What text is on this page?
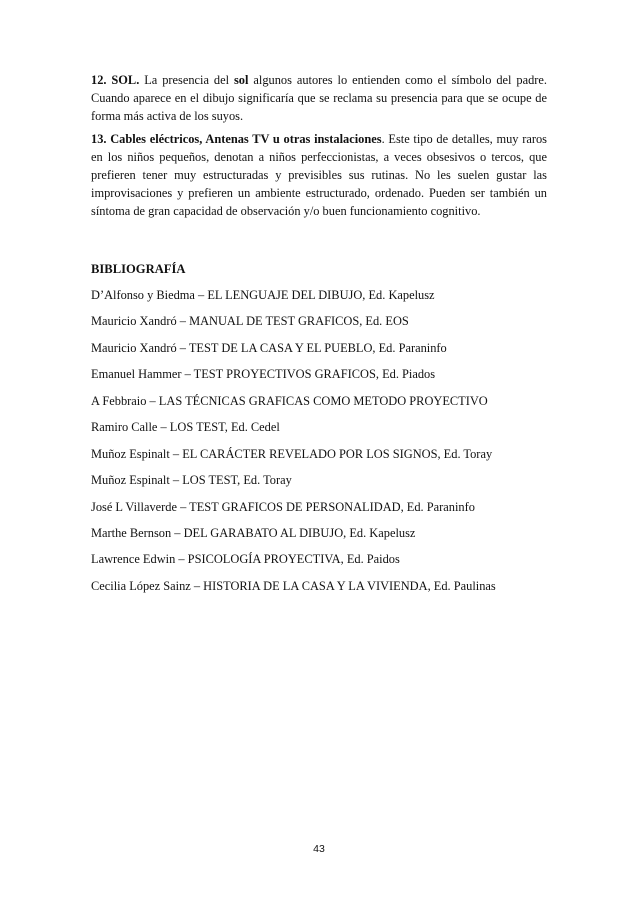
12. SOL. La presencia del sol algunos autores lo entienden como el símbolo del padre. Cuando aparece en el dibujo significaría que se reclama su presencia para que se ocupe de forma más activa de los suyos.

13. Cables eléctricos, Antenas TV u otras instalaciones. Este tipo de detalles, muy raros en los niños pequeños, denotan a niños perfeccionistas, a veces obsesivos o tercos, que prefieren tener muy estructuradas y previsibles sus rutinas. No les suelen gustar las improvisaciones y prefieren un ambiente estructurado, ordenado. Pueden ser también un síntoma de gran capacidad de observación y/o buen funcionamiento cognitivo.

BIBLIOGRAFÍA
D’Alfonso y Biedma – EL LENGUAJE DEL DIBUJO, Ed. Kapelusz
Mauricio Xandró – MANUAL DE TEST GRAFICOS, Ed. EOS
Mauricio Xandró – TEST DE LA CASA Y EL PUEBLO, Ed. Paraninfo
Emanuel Hammer – TEST PROYECTIVOS GRAFICOS, Ed. Piados
A Febbraio – LAS TÉCNICAS GRAFICAS COMO METODO PROYECTIVO
Ramiro Calle – LOS TEST, Ed. Cedel
Muñoz Espinalt – EL CARÁCTER REVELADO POR LOS SIGNOS, Ed. Toray
Muñoz Espinalt – LOS TEST, Ed. Toray
José L Villaverde – TEST GRAFICOS DE PERSONALIDAD, Ed. Paraninfo
Marthe Bernson – DEL GARABATO AL DIBUJO, Ed. Kapelusz
Lawrence Edwin – PSICOLOGÍA PROYECTIVA, Ed. Paidos
Cecilia López Sainz – HISTORIA DE LA CASA Y LA VIVIENDA, Ed. Paulinas
43
